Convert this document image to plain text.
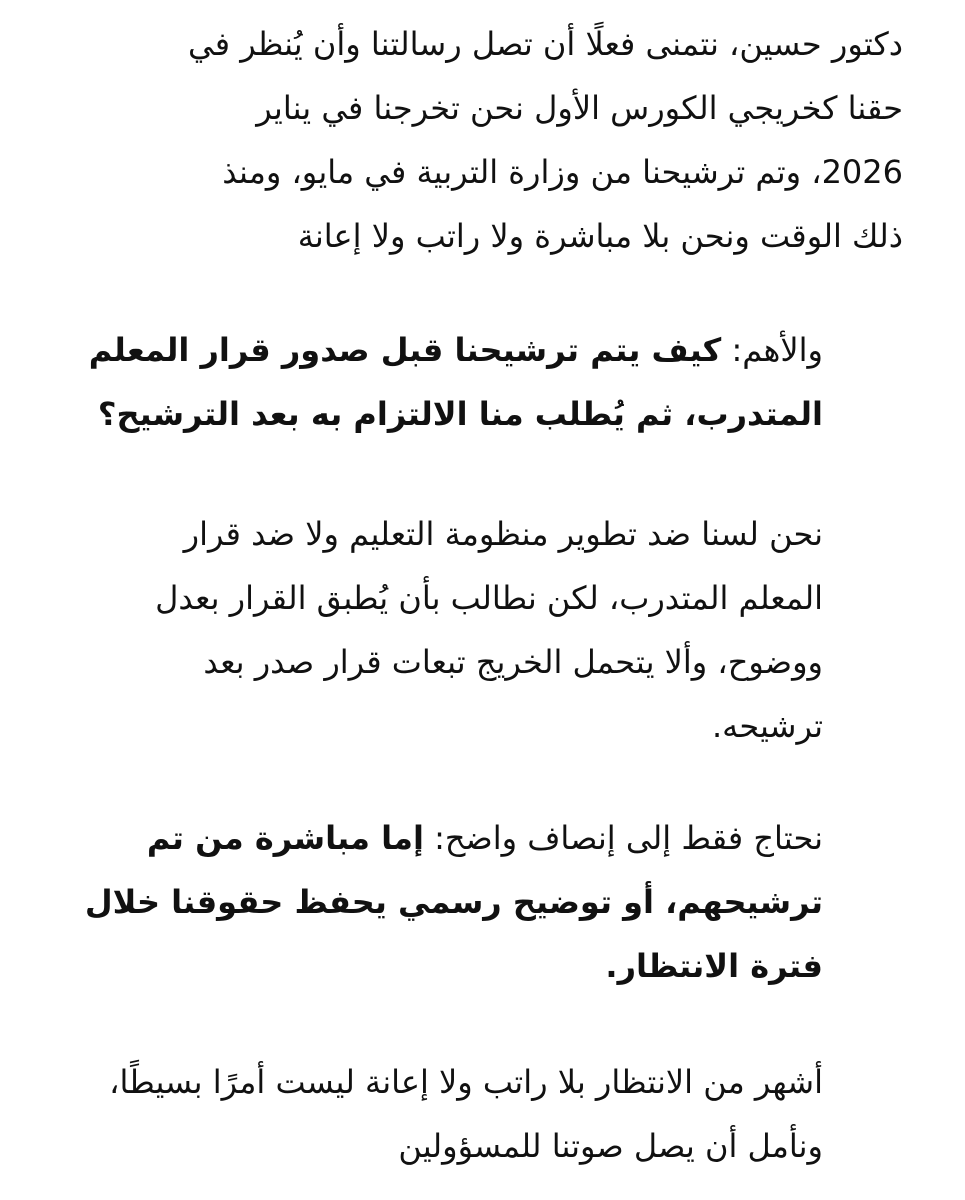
دكتور حسين، نتمنى فعلًا أن تصل رسالتنا وأن يُنظر في
حقنا كخريجي الكورس الأول نحن تخرجنا في يناير
2026، وتم ترشيحنا من وزارة التربية في مايو، ومنذ
ذلك الوقت ونحن بلا مباشرة ولا راتب ولا إعانة
والأهم: كيف يتم ترشيحنا قبل صدور قرار المعلم
المتدرب، ثم يُطلب منا الالتزام به بعد الترشيح؟
نحن لسنا ضد تطوير منظومة التعليم ولا ضد قرار
المعلم المتدرب، لكن نطالب بأن يُطبق القرار بعدل
ووضوح، وألا يتحمل الخريج تبعات قرار صدر بعد
ترشيحه.
نحتاج فقط إلى إنصاف واضح: إما مباشرة من تم
ترشيحهم، أو توضيح رسمي يحفظ حقوقنا خلال
فترة الانتظار.
أشهر من الانتظار بلا راتب ولا إعانة ليست أمرًا بسيطًا،
ونأمل أن يصل صوتنا للمسؤولين
